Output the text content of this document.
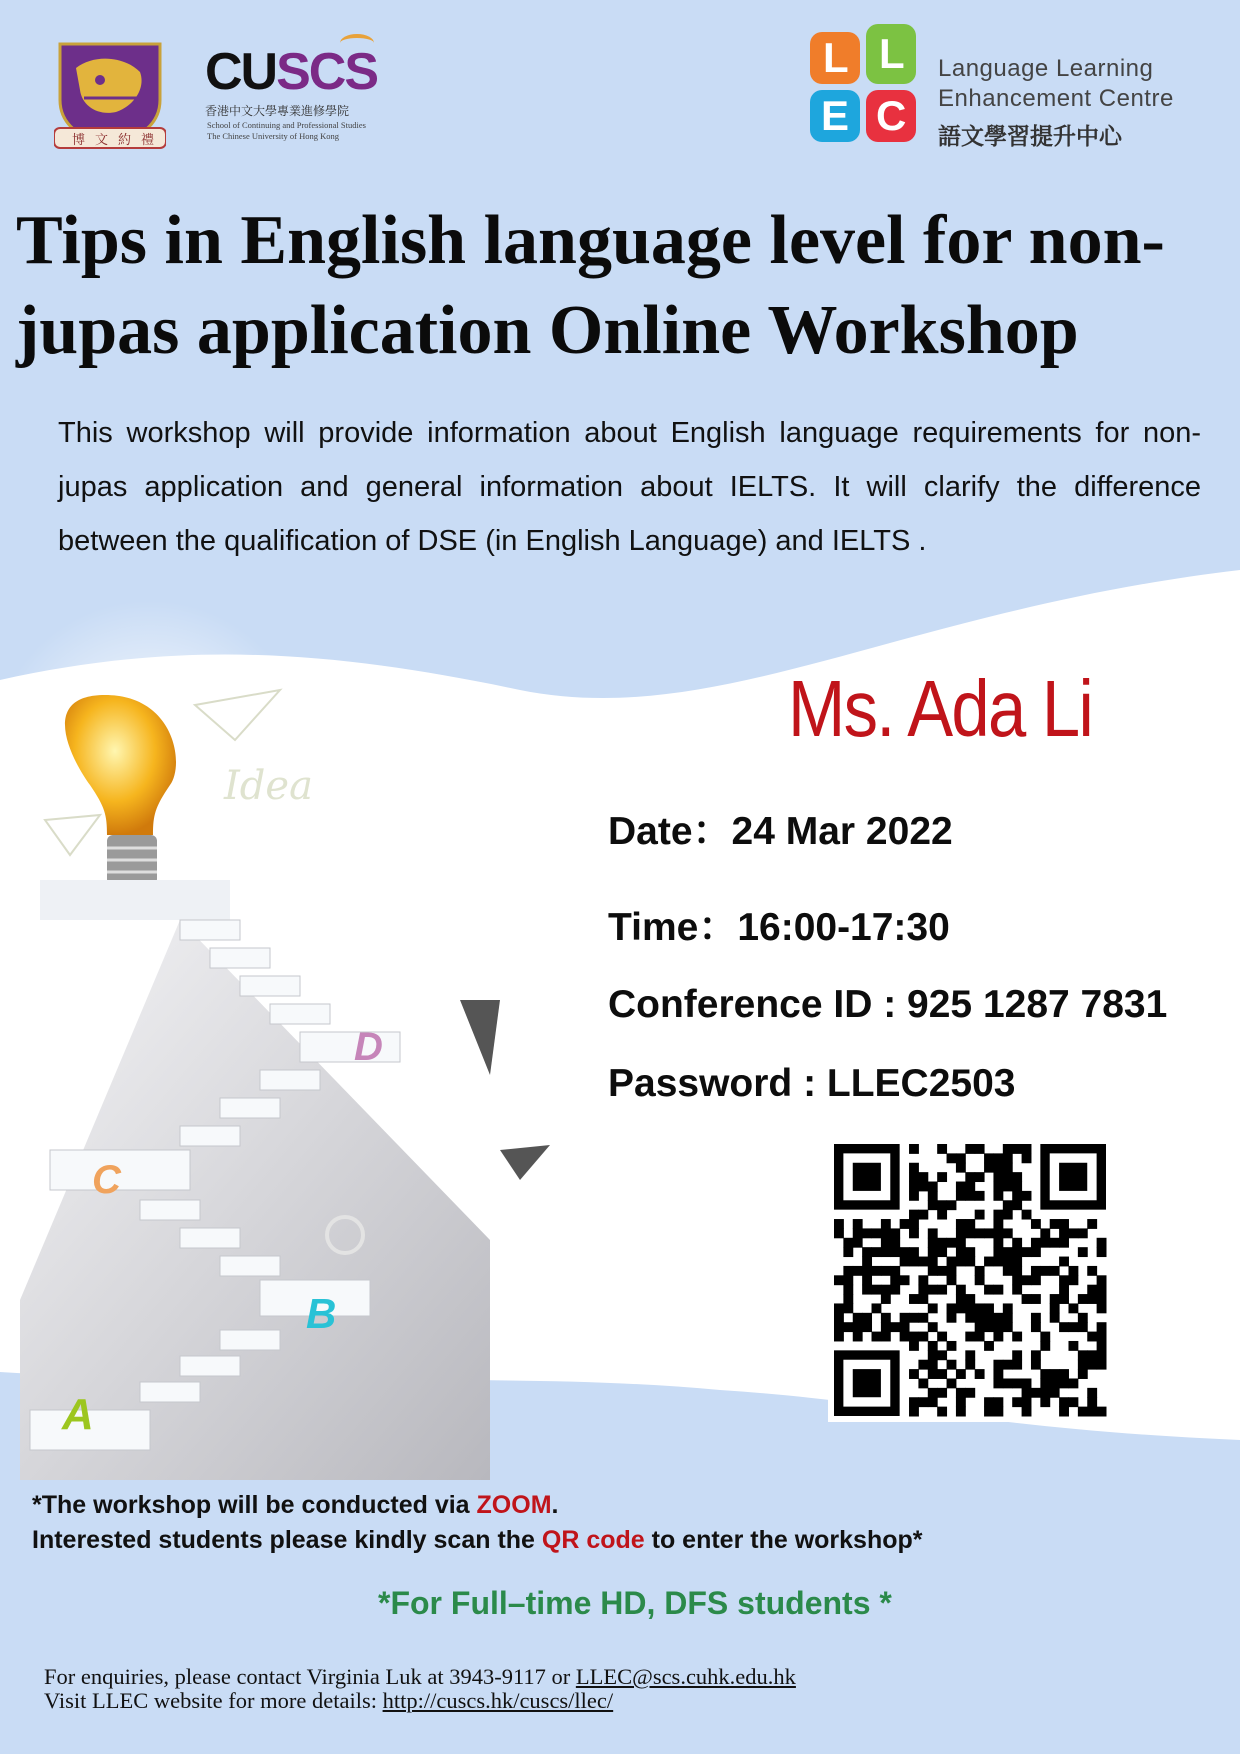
博文約禮
CUSCS
香港中文大學專業進修學院
School of Continuing and Professional Studies
The Chinese University of Hong Kong
L L
E C
Language Learning
Enhancement Centre
語文學習提升中心
Tips in English language level for non-jupas application Online Workshop

This workshop will provide information about English language requirements for non-jupas application and general information about IELTS. It will clarify the difference between the qualification of DSE (in English Language) and IELTS .

Idea
D
C
B
A
Ms. Ada Li
Date：24 Mar 2022
Time：16:00-17:30
Conference ID : 925 1287 7831
Password : LLEC2503
*The workshop will be conducted via ZOOM.
Interested students please kindly scan the QR code to enter the workshop*
*For Full–time HD, DFS students *
For enquiries, please contact Virginia Luk at 3943-9117 or LLEC@scs.cuhk.edu.hk
Visit LLEC website for more details: http://cuscs.hk/cuscs/llec/
